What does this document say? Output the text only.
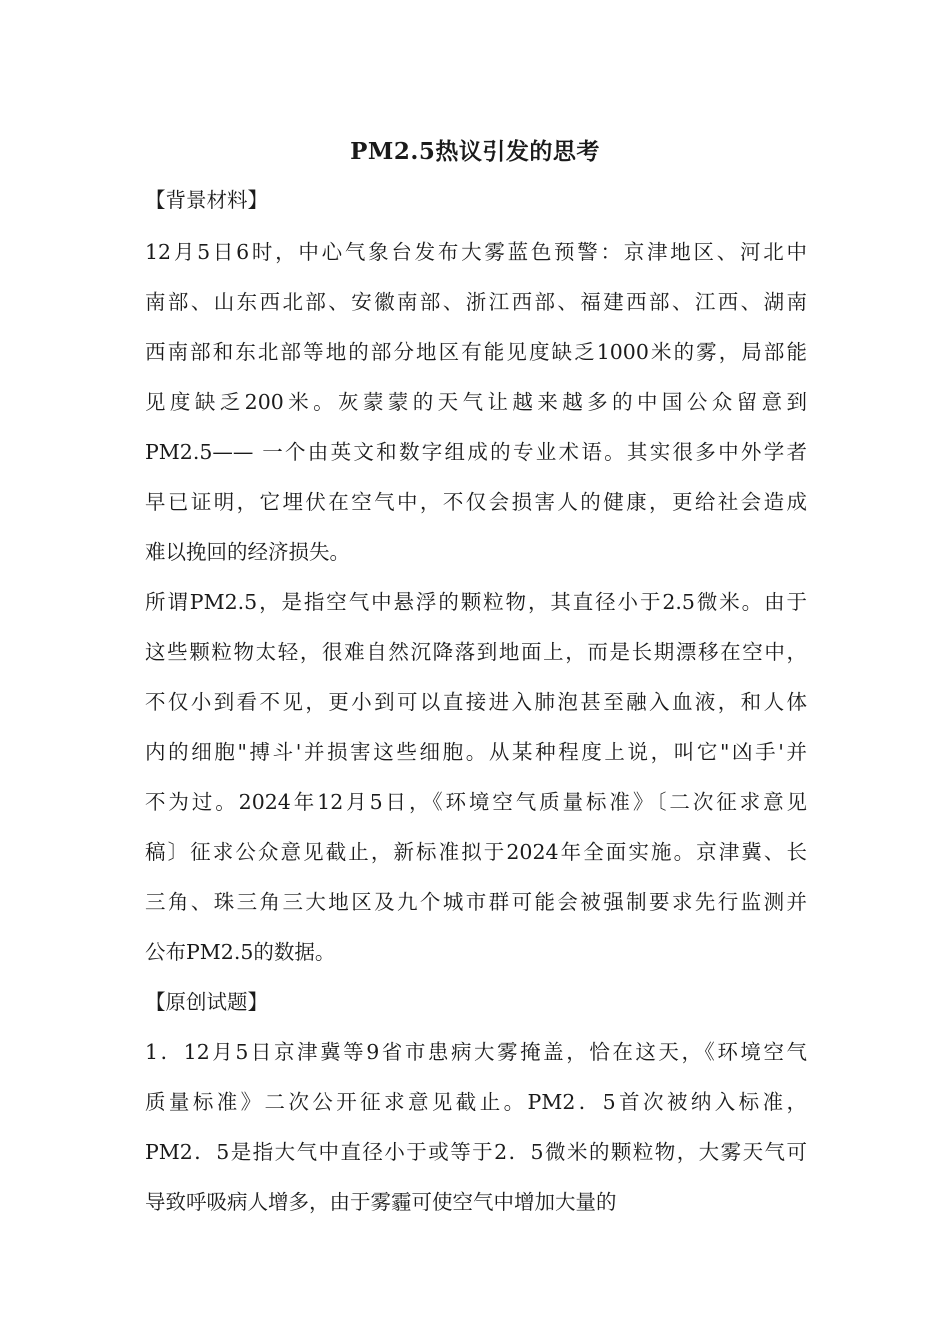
PM2.5热议引发的思考
【背景材料】
12月5日6时，中心气象台发布大雾蓝色预警：京津地区、河北中
南部、山东西北部、安徽南部、浙江西部、福建西部、江西、湖南
西南部和东北部等地的部分地区有能见度缺乏1000米的雾，局部能
见度缺乏200米。灰蒙蒙的天气让越来越多的中国公众留意到
PM2.5—— 一个由英文和数字组成的专业术语。其实很多中外学者
早已证明，它埋伏在空气中，不仅会损害人的健康，更给社会造成
难以挽回的经济损失。
所谓PM2.5，是指空气中悬浮的颗粒物，其直径小于2.5微米。由于
这些颗粒物太轻，很难自然沉降落到地面上，而是长期漂移在空中，
不仅小到看不见，更小到可以直接进入肺泡甚至融入血液，和人体
内的细胞"搏斗'并损害这些细胞。从某种程度上说，叫它"凶手'并
不为过。2024年12月5日，《环境空气质量标准》〔二次征求意见
稿〕征求公众意见截止，新标准拟于2024年全面实施。京津冀、长
三角、珠三角三大地区及九个城市群可能会被强制要求先行监测并
公布PM2.5的数据。
【原创试题】
1．12月5日京津冀等9省市患病大雾掩盖，恰在这天，《环境空气
质量标准》二次公开征求意见截止。PM2．5首次被纳入标准，
PM2．5是指大气中直径小于或等于2．5微米的颗粒物，大雾天气可
导致呼吸病人增多，由于雾霾可使空气中增加大量的
